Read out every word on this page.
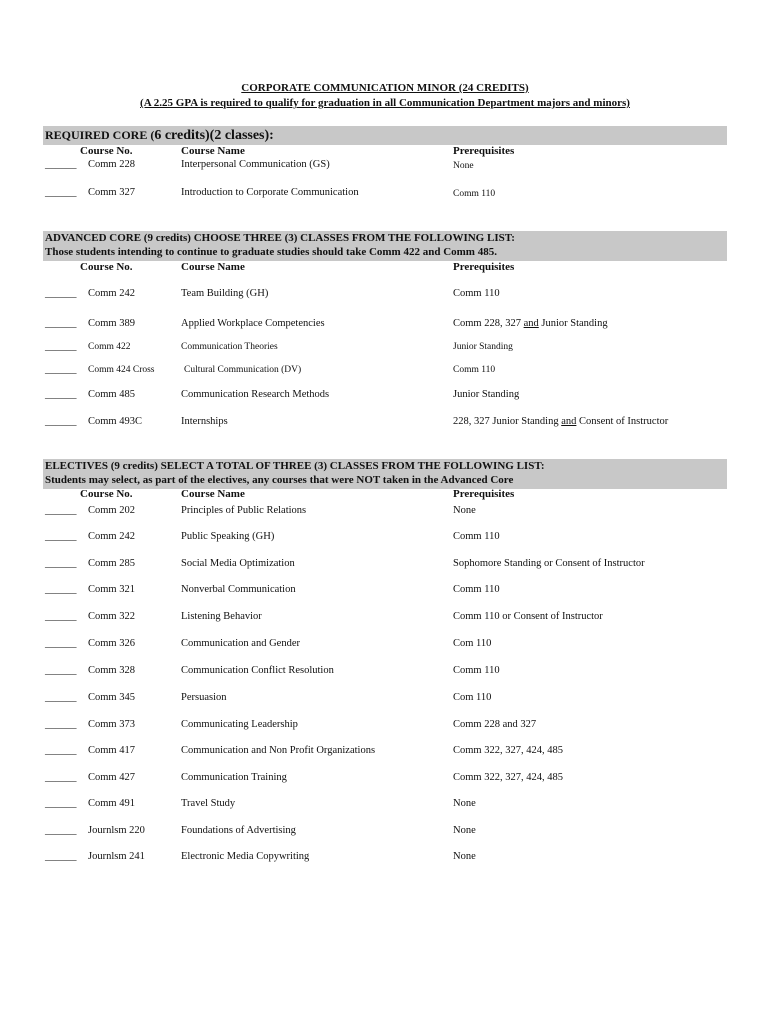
CORPORATE COMMUNICATION MINOR (24 CREDITS)
(A 2.25 GPA is required to qualify for graduation in all Communication Department majors and minors)
REQUIRED CORE (6 credits)(2 classes):
Course No.	Course Name	Prerequisites
______ Comm 228	Interpersonal Communication (GS)	None
______ Comm 327	Introduction to Corporate Communication	Comm 110
ADVANCED CORE (9 credits) CHOOSE THREE (3) CLASSES FROM THE FOLLOWING LIST:
Those students intending to continue to graduate studies should take Comm 422 and Comm 485.
Course No.	Course Name	Prerequisites
______ Comm 242	Team Building (GH)	Comm 110
______ Comm 389	Applied Workplace Competencies	Comm 228, 327 and Junior Standing
______ Comm 422	Communication Theories	Junior Standing
______ Comm 424 Cross	Cultural Communication (DV)	Comm 110
______ Comm 485	Communication Research Methods	Junior Standing
______ Comm 493C	Internships	228, 327 Junior Standing and Consent of Instructor
ELECTIVES (9 credits) SELECT A TOTAL OF THREE (3) CLASSES FROM THE FOLLOWING LIST:
Students may select, as part of the electives, any courses that were NOT taken in the Advanced Core
Course No.	Course Name	Prerequisites
______ Comm 202	Principles of Public Relations	None
______ Comm 242	Public Speaking (GH)	Comm 110
______ Comm 285	Social Media Optimization	Sophomore Standing or Consent of Instructor
______ Comm 321	Nonverbal Communication	Comm 110
______ Comm 322	Listening Behavior	Comm 110 or Consent of Instructor
______ Comm 326	Communication and Gender	Com 110
______ Comm 328	Communication Conflict Resolution	Comm 110
______ Comm 345	Persuasion	Com 110
______ Comm 373	Communicating Leadership	Comm 228 and 327
______ Comm 417	Communication and Non Profit Organizations	Comm 322, 327, 424, 485
______ Comm 427	Communication Training	Comm 322, 327, 424, 485
______ Comm 491	Travel Study	None
______ Journlsm 220	Foundations of Advertising	None
______ Journlsm 241	Electronic Media Copywriting	None
